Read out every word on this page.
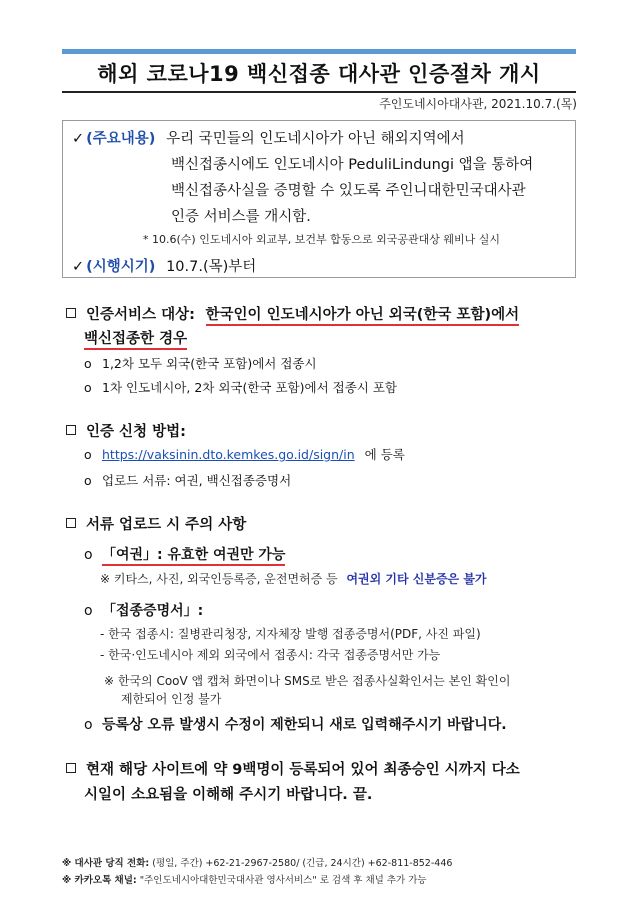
해외 코로나19 백신접종 대사관 인증절차 개시
주인도네시아대사관, 2021.10.7.(목)
✓ (주요내용) 우리 국민들의 인도네시아가 아닌 해외지역에서
백신접종시에도 인도네시아 PeduliLindungi 앱을 통하여
백신접종사실을 증명할 수 있도록 주인니대한민국대사관
인증 서비스를 개시함.
* 10.6(수) 인도네시아 외교부, 보건부 합동으로 외국공관대상 웨비나 실시
✓ (시행시기) 10.7.(목)부터
인증서비스 대상: 한국인이 인도네시아가 아닌 외국(한국 포함)에서
백신접종한 경우
o 1,2차 모두 외국(한국 포함)에서 접종시
o 1차 인도네시아, 2차 외국(한국 포함)에서 접종시 포함
인증 신청 방법:
o https://vaksinin.dto.kemkes.go.id/sign/in 에 등록
o 업로드 서류: 여권, 백신접종증명서
서류 업로드 시 주의 사항
o 「여권」: 유효한 여권만 가능
※ 키타스, 사진, 외국인등록증, 운전면허증 등 여권외 기타 신분증은 불가
o 「접종증명서」:
- 한국 접종시: 질병관리청장, 지자체장 발행 접종증명서(PDF, 사진 파일)
- 한국·인도네시아 제외 외국에서 접종시: 각국 접종증명서만 가능
※ 한국의 CooV 앱 캡쳐 화면이나 SMS로 받은 접종사실확인서는 본인 확인이
제한되어 인정 불가
o 등록상 오류 발생시 수정이 제한되니 새로 입력해주시기 바랍니다.
현재 해당 사이트에 약 9백명이 등록되어 있어 최종승인 시까지 다소
시일이 소요됨을 이해해 주시기 바랍니다. 끝.
※ 대사관 당직 전화: (평일, 주간) +62-21-2967-2580/ (긴급, 24시간) +62-811-852-446
※ 카카오톡 채널: "주인도네시아대한민국대사관 영사서비스" 로 검색 후 채널 추가 가능
